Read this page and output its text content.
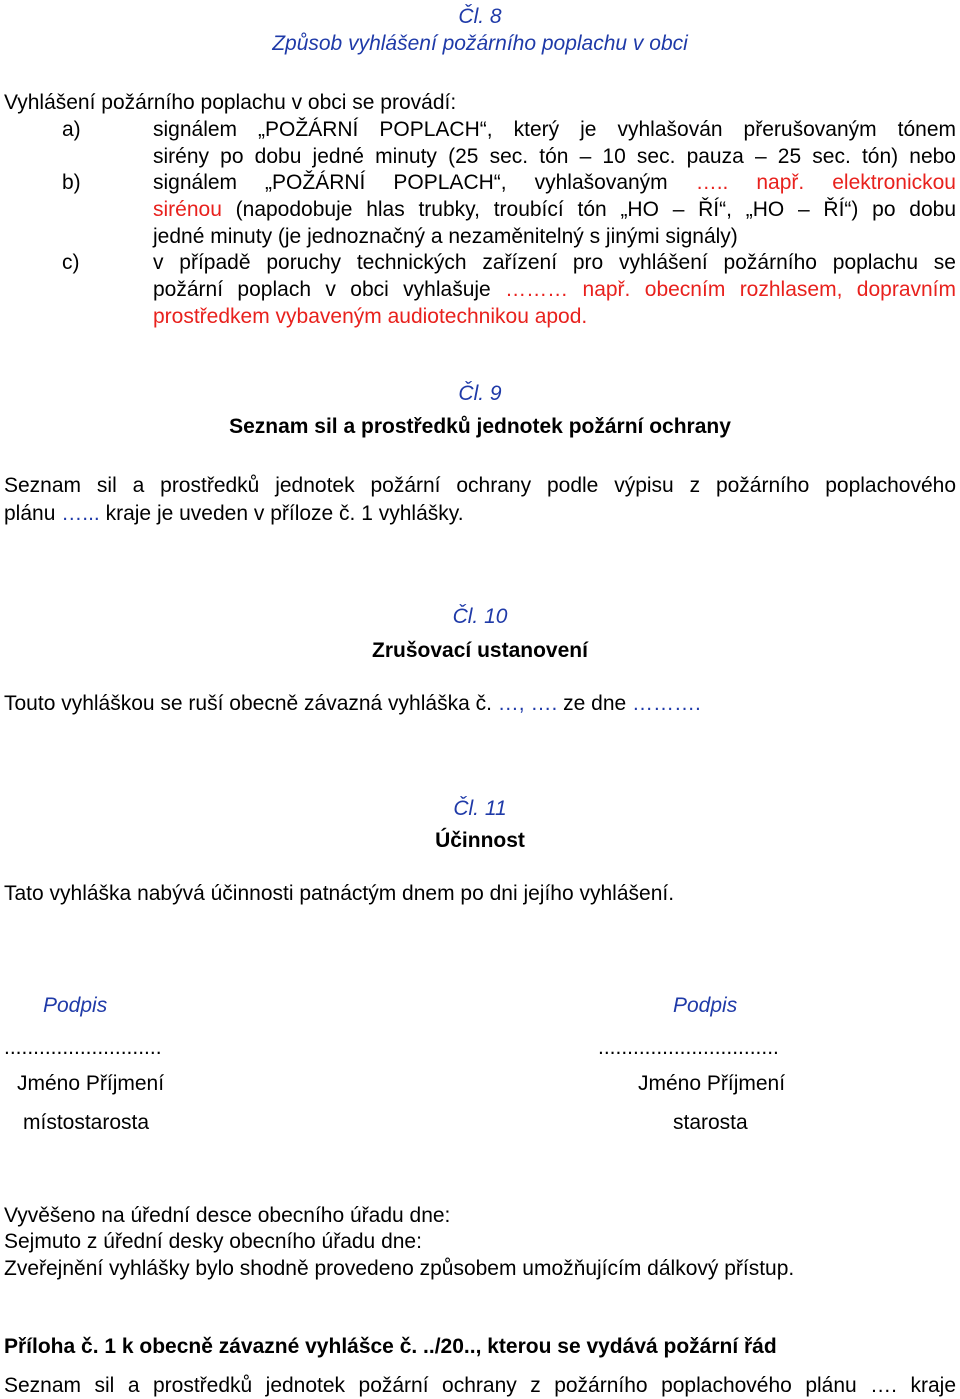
Čl. 8
Způsob vyhlášení požárního poplachu v obci
Vyhlášení požárního poplachu v obci se provádí:
a)	signálem „POŽÁRNÍ POPLACH“, který je vyhlašován přerušovaným tónem
sirény po dobu jedné minuty (25 sec. tón – 10 sec. pauza – 25 sec. tón) nebo
b)	signálem „POŽÁRNÍ POPLACH“, vyhlašovaným ….. např. elektronickou
sirénou (napodobuje hlas trubky, troubící tón „HO – ŘÍ“, „HO – ŘÍ“) po dobu
jedné minuty (je jednoznačný a nezaměnitelný s jinými signály)
c)	v případě poruchy technických zařízení pro vyhlášení požárního poplachu se
požární poplach v obci vyhlašuje ……… např. obecním rozhlasem, dopravním
prostředkem vybaveným audiotechnikou apod.
Čl. 9
Seznam sil a prostředků jednotek požární ochrany
Seznam sil a prostředků jednotek požární ochrany podle výpisu z požárního poplachového
plánu …... kraje je uveden v příloze č. 1 vyhlášky.
Čl. 10
Zrušovací ustanovení
Touto vyhláškou se ruší obecně závazná vyhláška č. …, …. ze dne ……….
Čl. 11
Účinnost
Tato vyhláška nabývá účinnosti patnáctým dnem po dni jejího vyhlášení.
Podpis
...........................
Jméno Příjmení
místostarosta
Podpis
...............................
Jméno Příjmení
starosta
Vyvěšeno na úřední desce obecního úřadu dne:
Sejmuto z úřední desky obecního úřadu dne:
Zveřejnění vyhlášky bylo shodně provedeno způsobem umožňujícím dálkový přístup.
Příloha č. 1 k obecně závazné vyhlášce č. ../20.., kterou se vydává požární řád
Seznam sil a prostředků jednotek požární ochrany z požárního poplachového plánu …. kraje
